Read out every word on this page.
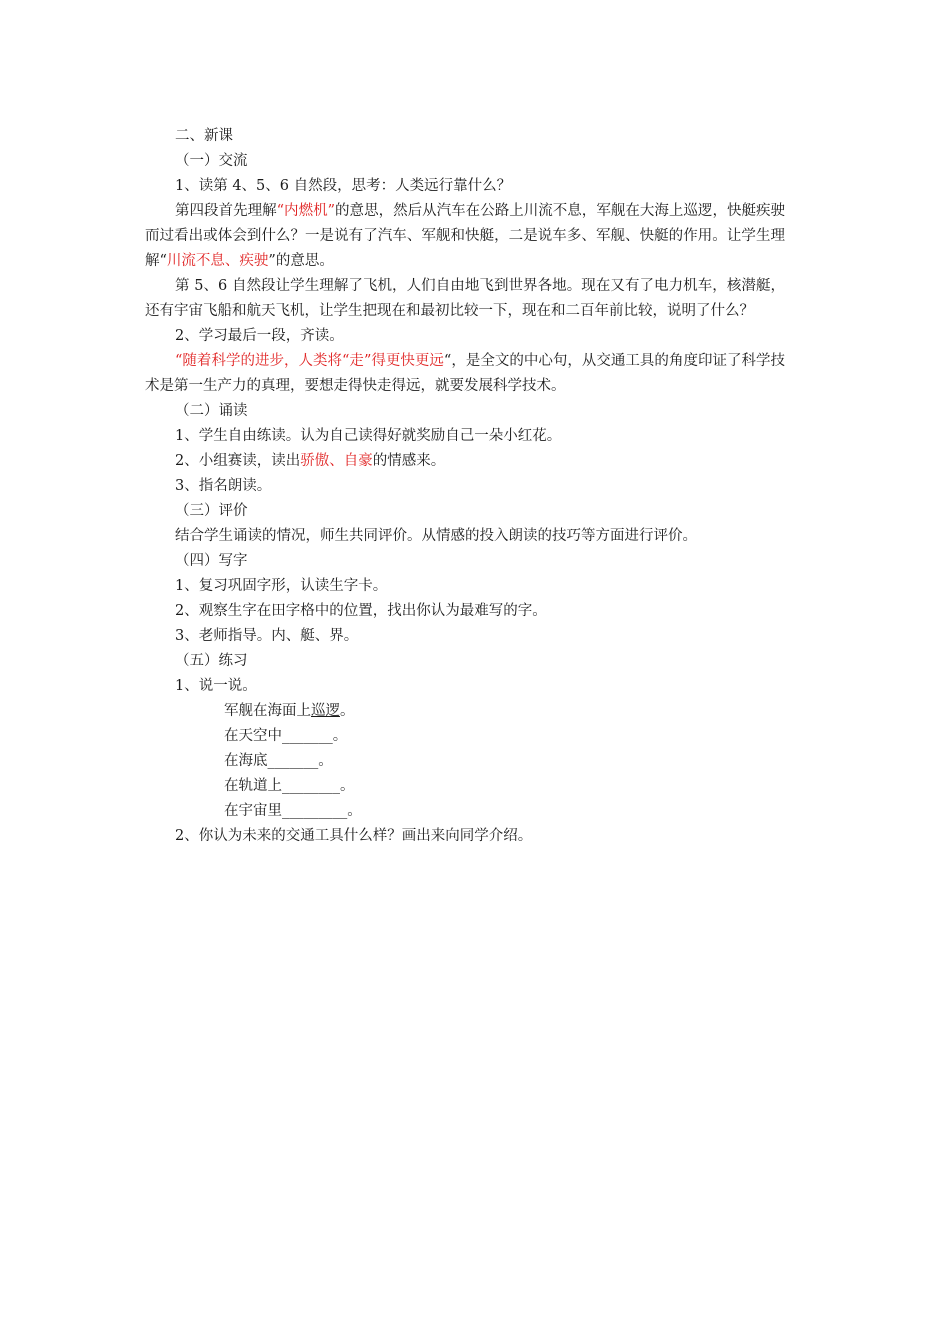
二、新课
（一）交流
1、读第 4、5、6 自然段，思考：人类远行靠什么？
第四段首先理解“内燃机”的意思，然后从汽车在公路上川流不息，军舰在大海上巡逻，快艇疾驶而过看出或体会到什么？一是说有了汽车、军舰和快艇，二是说车多、军舰、快艇的作用。让学生理解“川流不息、疾驶”的意思。
第 5、6 自然段让学生理解了飞机，人们自由地飞到世界各地。现在又有了电力机车，核潜艇，还有宇宙飞船和航天飞机，让学生把现在和最初比较一下，现在和二百年前比较，说明了什么？
2、学习最后一段，齐读。
“随着科学的进步，人类将“走”得更快更远“，是全文的中心句，从交通工具的角度印证了科学技术是第一生产力的真理，要想走得快走得远，就要发展科学技术。
（二）诵读
1、学生自由练读。认为自己读得好就奖励自己一朵小红花。
2、小组赛读，读出骄傲、自豪的情感来。
3、指名朗读。
（三）评价
结合学生诵读的情况，师生共同评价。从情感的投入朗读的技巧等方面进行评价。
（四）写字
1、复习巩固字形，认读生字卡。
2、观察生字在田字格中的位置，找出你认为最难写的字。
3、老师指导。内、艇、界。
（五）练习
1、说一说。
军舰在海面上巡逻。
在天空中_______。
在海底_______。
在轨道上________。
在宇宙里_________。
2、你认为未来的交通工具什么样？画出来向同学介绍。
